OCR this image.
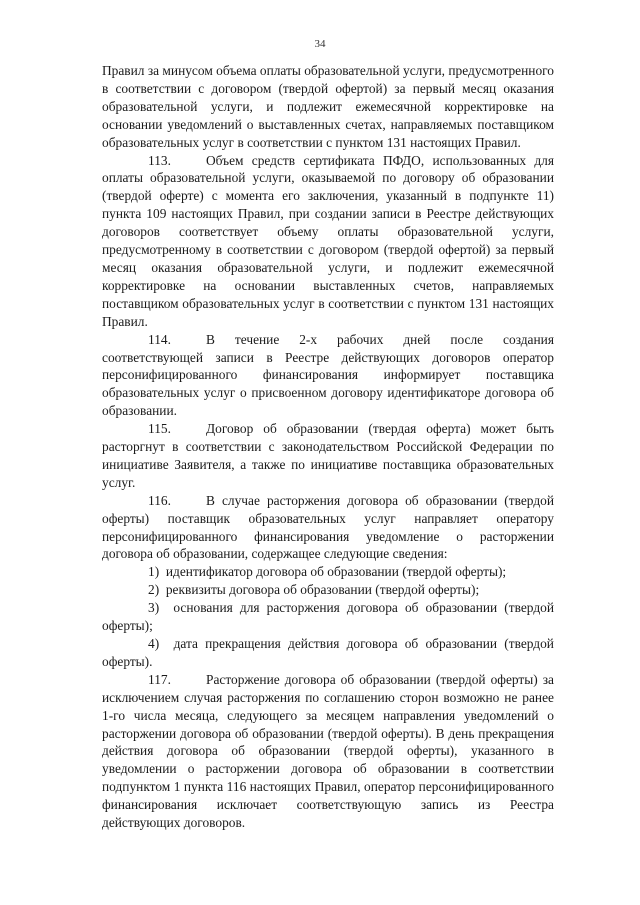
34

Правил за минусом объема оплаты образовательной услуги, предусмотренного в соответствии с договором (твердой офертой) за первый месяц оказания образовательной услуги, и подлежит ежемесячной корректировке на основании уведомлений о выставленных счетах, направляемых поставщиком образовательных услуг в соответствии с пунктом 131 настоящих Правил.

113.	Объем средств сертификата ПФДО, использованных для оплаты образовательной услуги, оказываемой по договору об образовании (твердой оферте) с момента его заключения, указанный в подпункте 11) пункта 109 настоящих Правил, при создании записи в Реестре действующих договоров соответствует объему оплаты образовательной услуги, предусмотренному в соответствии с договором (твердой офертой) за первый месяц оказания образовательной услуги, и подлежит ежемесячной корректировке на основании выставленных счетов, направляемых поставщиком образовательных услуг в соответствии с пунктом 131 настоящих Правил.

114.	В течение 2-х рабочих дней после создания соответствующей записи в Реестре действующих договоров оператор персонифицированного финансирования информирует поставщика образовательных услуг о присвоенном договору идентификаторе договора об образовании.

115.	Договор об образовании (твердая оферта) может быть расторгнут в соответствии с законодательством Российской Федерации по инициативе Заявителя, а также по инициативе поставщика образовательных услуг.

116.	В случае расторжения договора об образовании (твердой оферты) поставщик образовательных услуг направляет оператору персонифицированного финансирования уведомление о расторжении договора об образовании, содержащее следующие сведения:

1) идентификатор договора об образовании (твердой оферты);

2) реквизиты договора об образовании (твердой оферты);

3) основания для расторжения договора об образовании (твердой оферты);

4) дата прекращения действия договора об образовании (твердой оферты).

117.	Расторжение договора об образовании (твердой оферты) за исключением случая расторжения по соглашению сторон возможно не ранее 1-го числа месяца, следующего за месяцем направления уведомлений о расторжении договора об образовании (твердой оферты). В день прекращения действия договора об образовании (твердой оферты), указанного в уведомлении о расторжении договора об образовании в соответствии подпунктом 1 пункта 116 настоящих Правил, оператор персонифицированного финансирования исключает соответствующую запись из Реестра действующих договоров.
